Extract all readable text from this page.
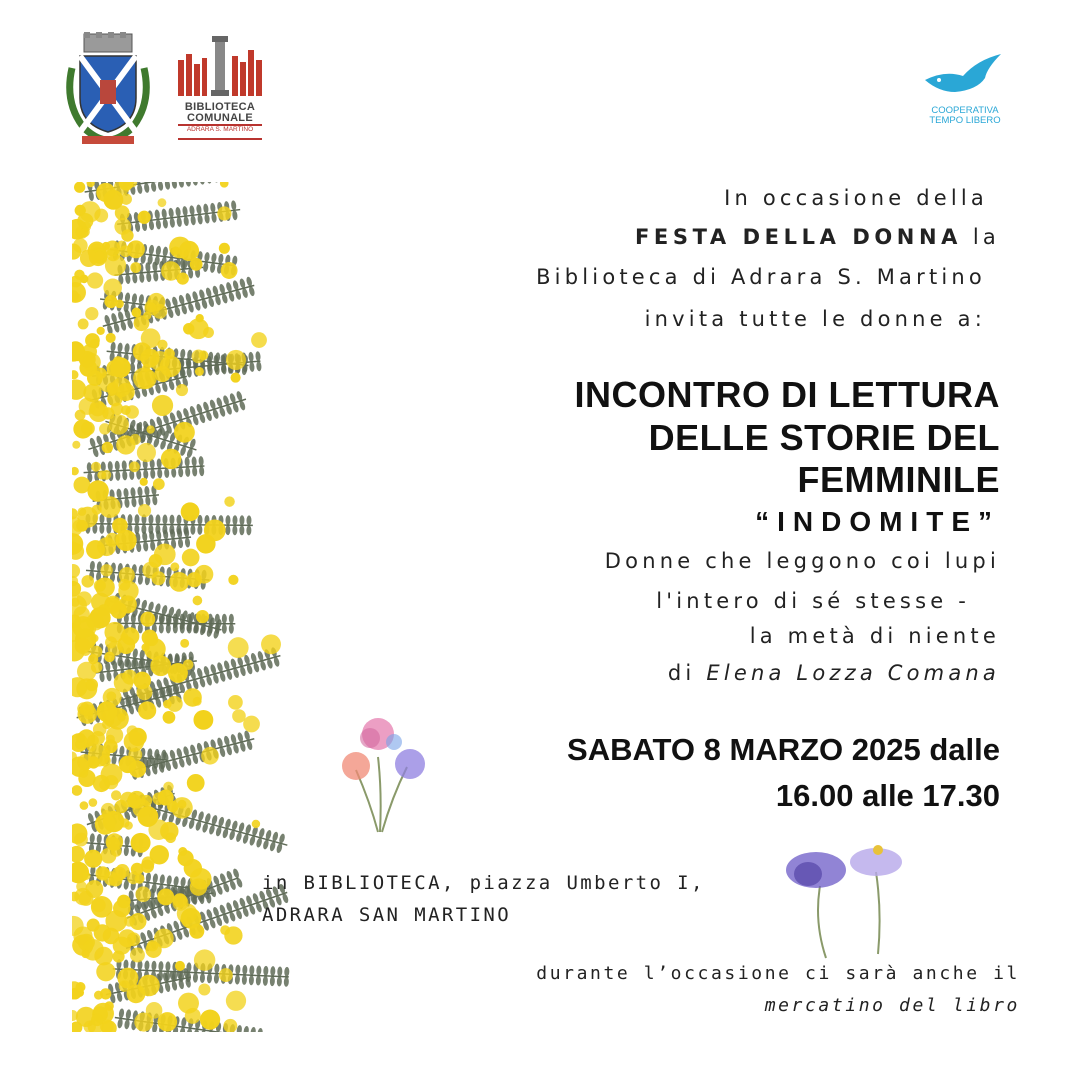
BIBLIOTECA
COMUNALE
ADRARA S. MARTINO
COOPERATIVA
TEMPO LIBERO
In occasione della
FESTA DELLA DONNA la
Biblioteca di Adrara S. Martino
invita tutte le donne a:
INCONTRO DI LETTURA
DELLE STORIE DEL
FEMMINILE
“INDOMITE”
Donne che leggono coi lupi
l'intero di sé stesse -
la metà di niente
di Elena Lozza Comana
SABATO 8 MARZO 2025 dalle
16.00 alle 17.30
in BIBLIOTECA, piazza Umberto I,
ADRARA SAN MARTINO
durante l’occasione ci sarà anche il
mercatino del libro
